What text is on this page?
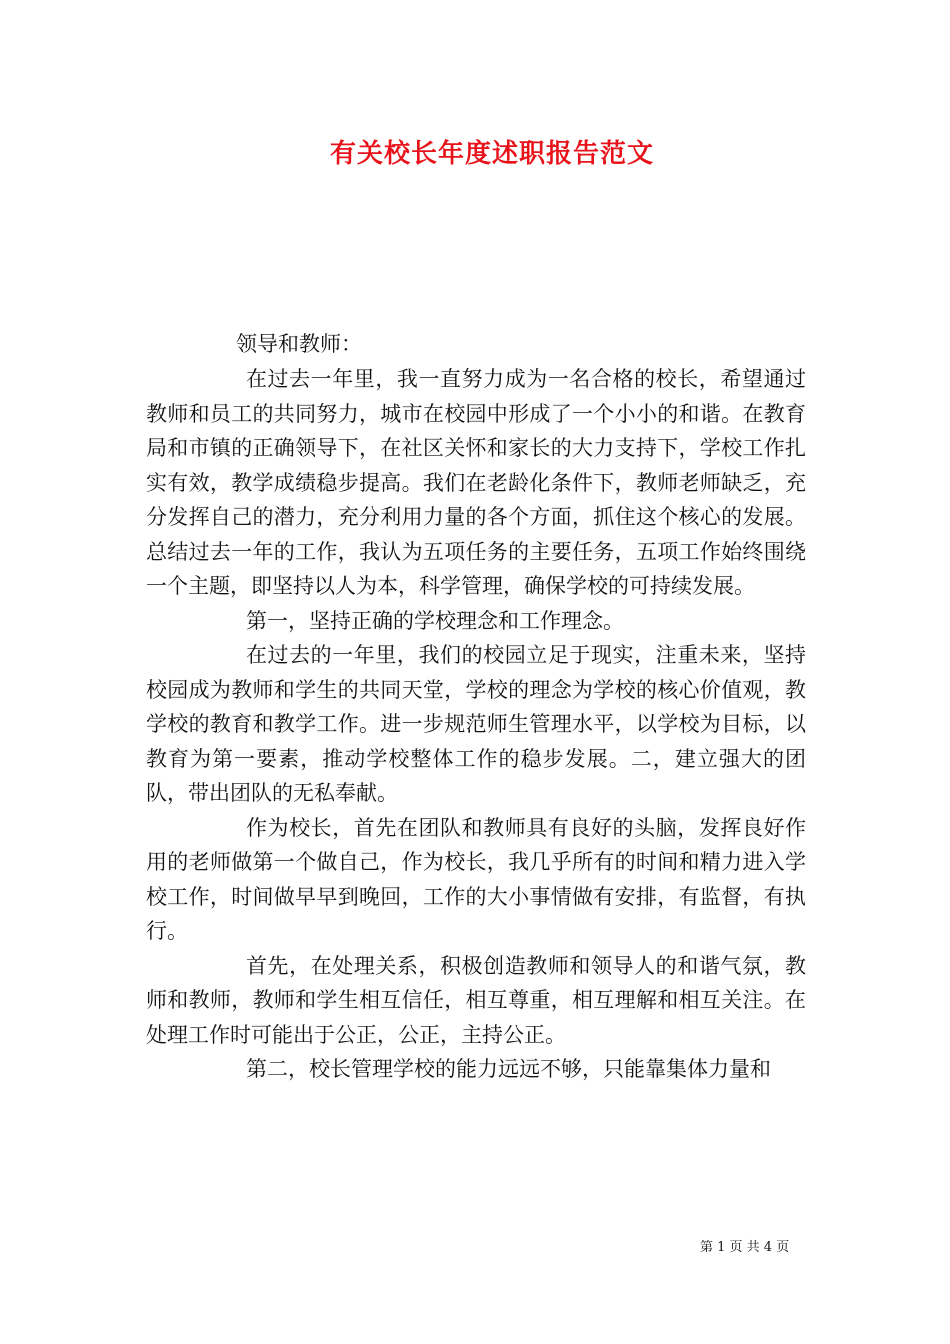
有关校长年度述职报告范文
领导和教师：

在过去一年里，我一直努力成为一名合格的校长，希望通过教师和员工的共同努力，城市在校园中形成了一个小小的和谐。在教育局和市镇的正确领导下，在社区关怀和家长的大力支持下，学校工作扎实有效，教学成绩稳步提高。我们在老龄化条件下，教师老师缺乏，充分发挥自己的潜力，充分利用力量的各个方面，抓住这个核心的发展。总结过去一年的工作，我认为五项任务的主要任务，五项工作始终围绕一个主题，即坚持以人为本，科学管理，确保学校的可持续发展。

第一，坚持正确的学校理念和工作理念。

在过去的一年里，我们的校园立足于现实，注重未来，坚持校园成为教师和学生的共同天堂，学校的理念为学校的核心价值观，教学校的教育和教学工作。进一步规范师生管理水平，以学校为目标，以教育为第一要素，推动学校整体工作的稳步发展。二，建立强大的团队，带出团队的无私奉献。

作为校长，首先在团队和教师具有良好的头脑，发挥良好作用的老师做第一个做自己，作为校长，我几乎所有的时间和精力进入学校工作，时间做早早到晚回，工作的大小事情做有安排，有监督，有执行。

首先，在处理关系，积极创造教师和领导人的和谐气氛，教师和教师，教师和学生相互信任，相互尊重，相互理解和相互关注。在处理工作时可能出于公正，公正，主持公正。

第二，校长管理学校的能力远远不够，只能靠集体力量和

第 1 页 共 4 页
